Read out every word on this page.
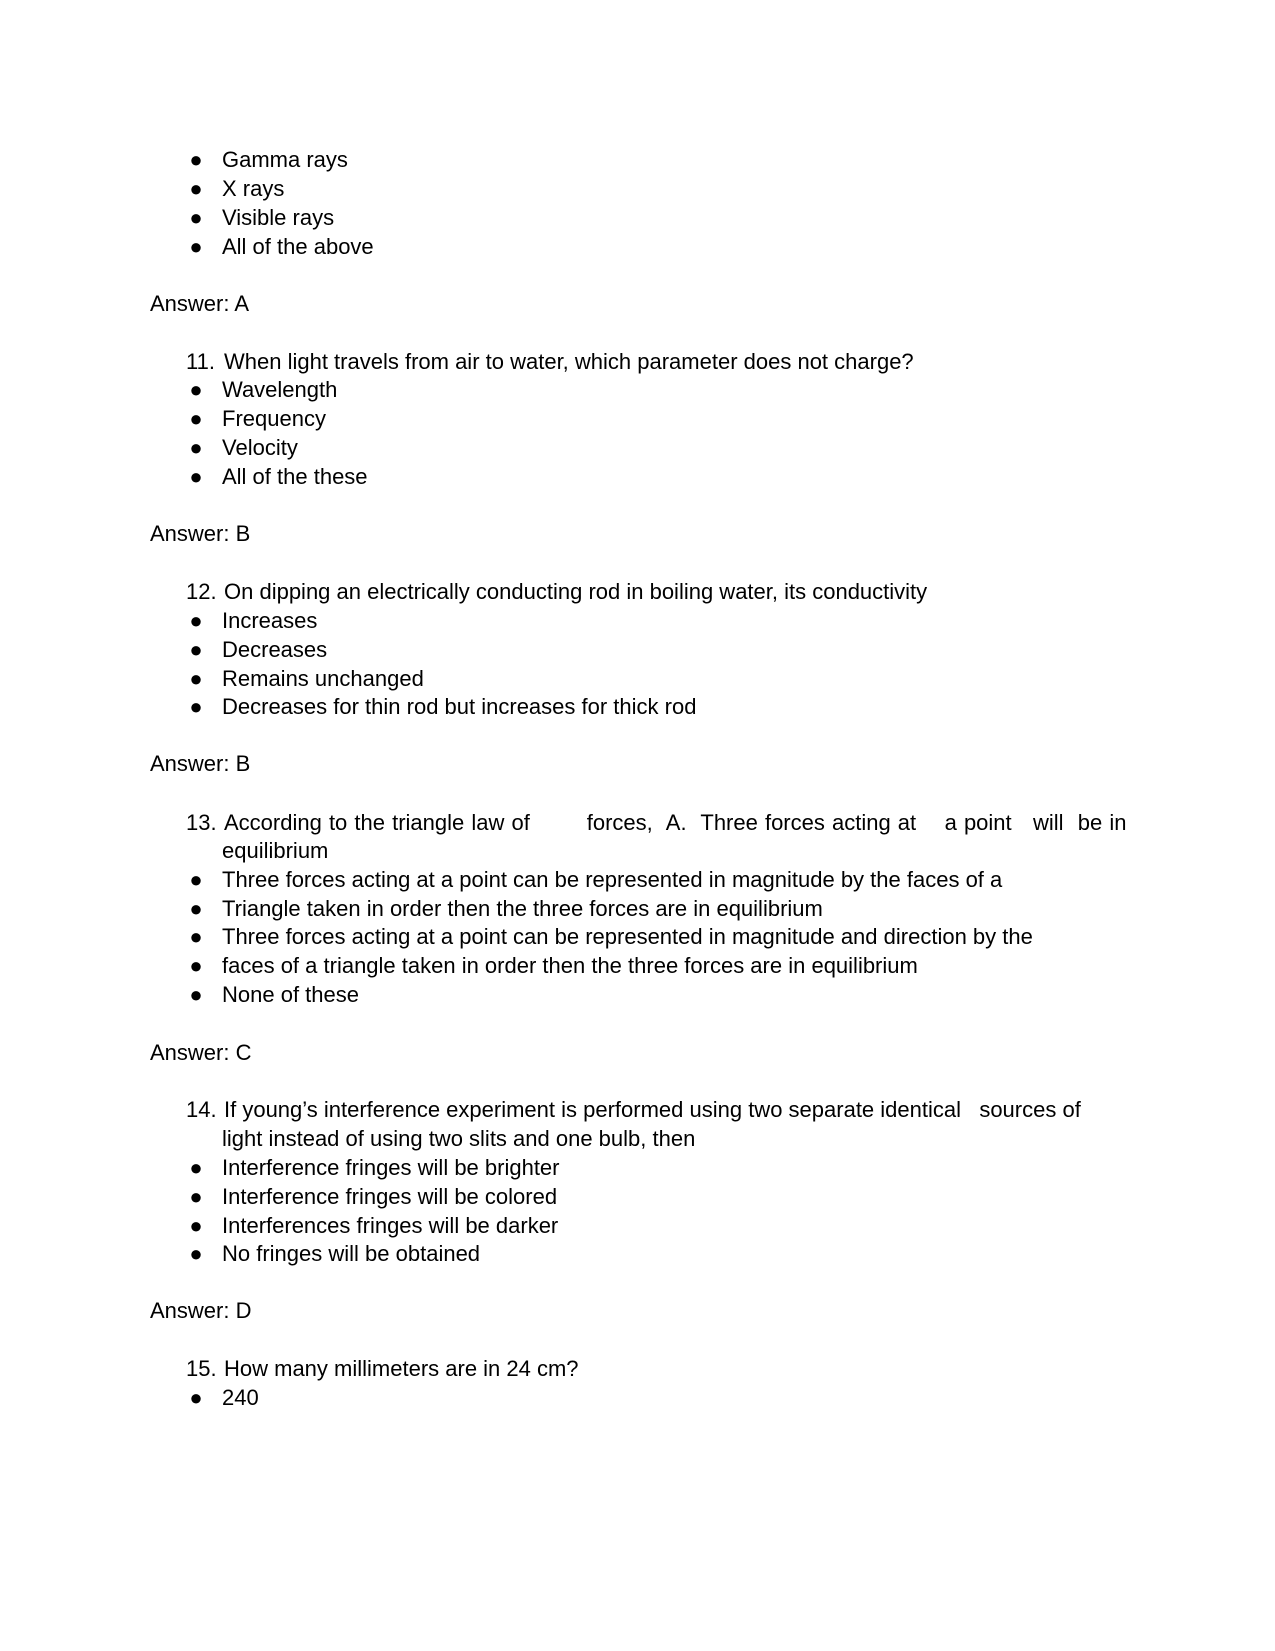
● Gamma rays
● X rays
● Visible rays
● All of the above
Answer: A
11. When light travels from air to water, which parameter does not charge?
● Wavelength
● Frequency
● Velocity
● All of the these
Answer: B
12. On dipping an electrically conducting rod in boiling water, its conductivity
● Increases
● Decreases
● Remains unchanged
● Decreases for thin rod but increases for thick rod
Answer: B
13. According to the triangle law of        forces,  A.  Three forces acting at    a point   will  be in
equilibrium
● Three forces acting at a point can be represented in magnitude by the faces of a
● Triangle taken in order then the three forces are in equilibrium
● Three forces acting at a point can be represented in magnitude and direction by the
● faces of a triangle taken in order then the three forces are in equilibrium
● None of these
Answer: C
14. If young’s interference experiment is performed using two separate identical   sources of
light instead of using two slits and one bulb, then
● Interference fringes will be brighter
● Interference fringes will be colored
● Interferences fringes will be darker
● No fringes will be obtained
Answer: D
15. How many millimeters are in 24 cm?
● 240
